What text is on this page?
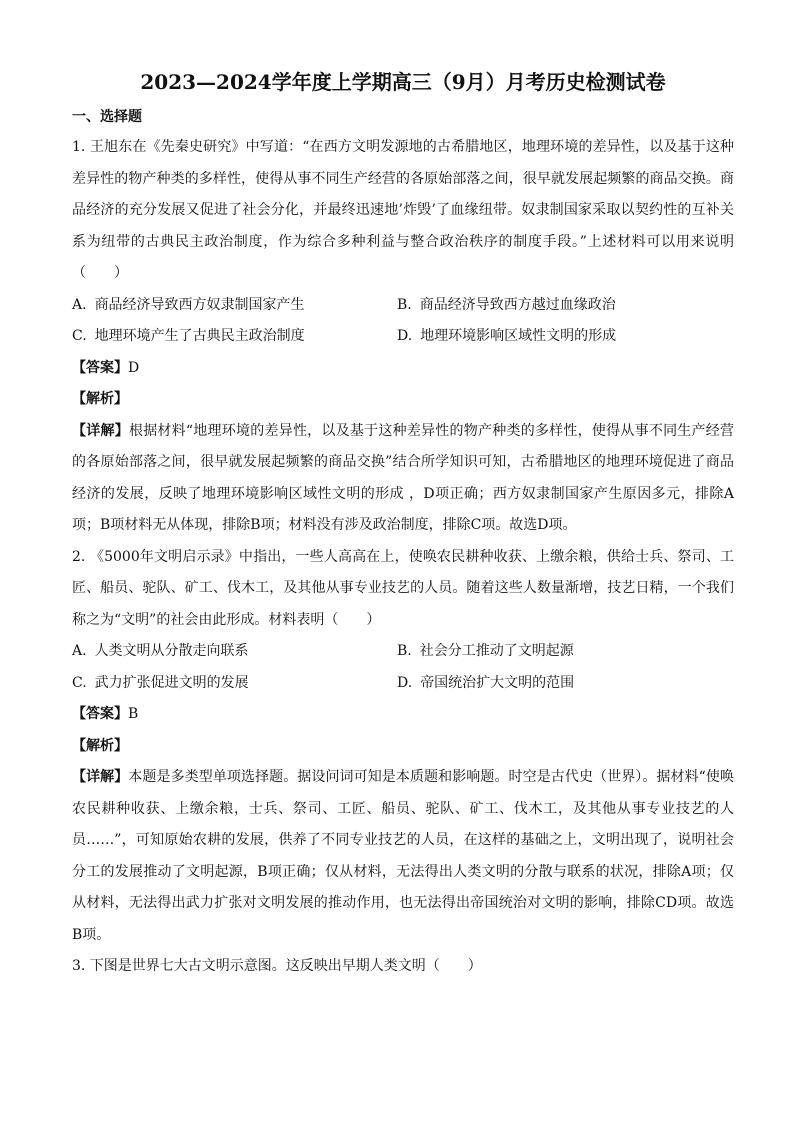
2023—2024学年度上学期高三（9月）月考历史检测试卷
一、选择题

1. 王旭东在《先秦史研究》中写道：“在西方文明发源地的古希腊地区，地理环境的差异性，以及基于这种差异性的物产种类的多样性，使得从事不同生产经营的各原始部落之间，很早就发展起频繁的商品交换。商品经济的充分发展又促进了社会分化，并最终迅速地’炸毁’了血缘纽带。奴隶制国家采取以契约性的互补关系为纽带的古典民主政治制度，作为综合多种利益与整合政治秩序的制度手段。”上述材料可以用来说明（　　）

A. 商品经济导致西方奴隶制国家产生	B. 商品经济导致西方越过血缘政治
C. 地理环境产生了古典民主政治制度	D. 地理环境影响区域性文明的形成

【答案】D

【解析】

【详解】根据材料“地理环境的差异性，以及基于这种差异性的物产种类的多样性，使得从事不同生产经营的各原始部落之间，很早就发展起频繁的商品交换”结合所学知识可知，古希腊地区的地理环境促进了商品经济的发展，反映了地理环境影响区域性文明的形成 ，D项正确；西方奴隶制国家产生原因多元，排除A项；B项材料无从体现，排除B项；材料没有涉及政治制度，排除C项。故选D项。

2. 《5000年文明启示录》中指出，一些人高高在上，使唤农民耕种收获、上缴余粮，供给士兵、祭司、工匠、船员、驼队、矿工、伐木工，及其他从事专业技艺的人员。随着这些人数量渐增，技艺日精，一个我们称之为“文明”的社会由此形成。材料表明（　　）

A. 人类文明从分散走向联系	B. 社会分工推动了文明起源
C. 武力扩张促进文明的发展	D. 帝国统治扩大文明的范围

【答案】B

【解析】

【详解】本题是多类型单项选择题。据设问词可知是本质题和影响题。时空是古代史（世界）。据材料“使唤农民耕种收获、上缴余粮，士兵、祭司、工匠、船员、驼队、矿工、伐木工，及其他从事专业技艺的人员……”，可知原始农耕的发展，供养了不同专业技艺的人员，在这样的基础之上，文明出现了，说明社会分工的发展推动了文明起源，B项正确；仅从材料，无法得出人类文明的分散与联系的状况，排除A项；仅从材料，无法得出武力扩张对文明发展的推动作用，也无法得出帝国统治对文明的影响，排除CD项。故选B项。

3. 下图是世界七大古文明示意图。这反映出早期人类文明（　　）
